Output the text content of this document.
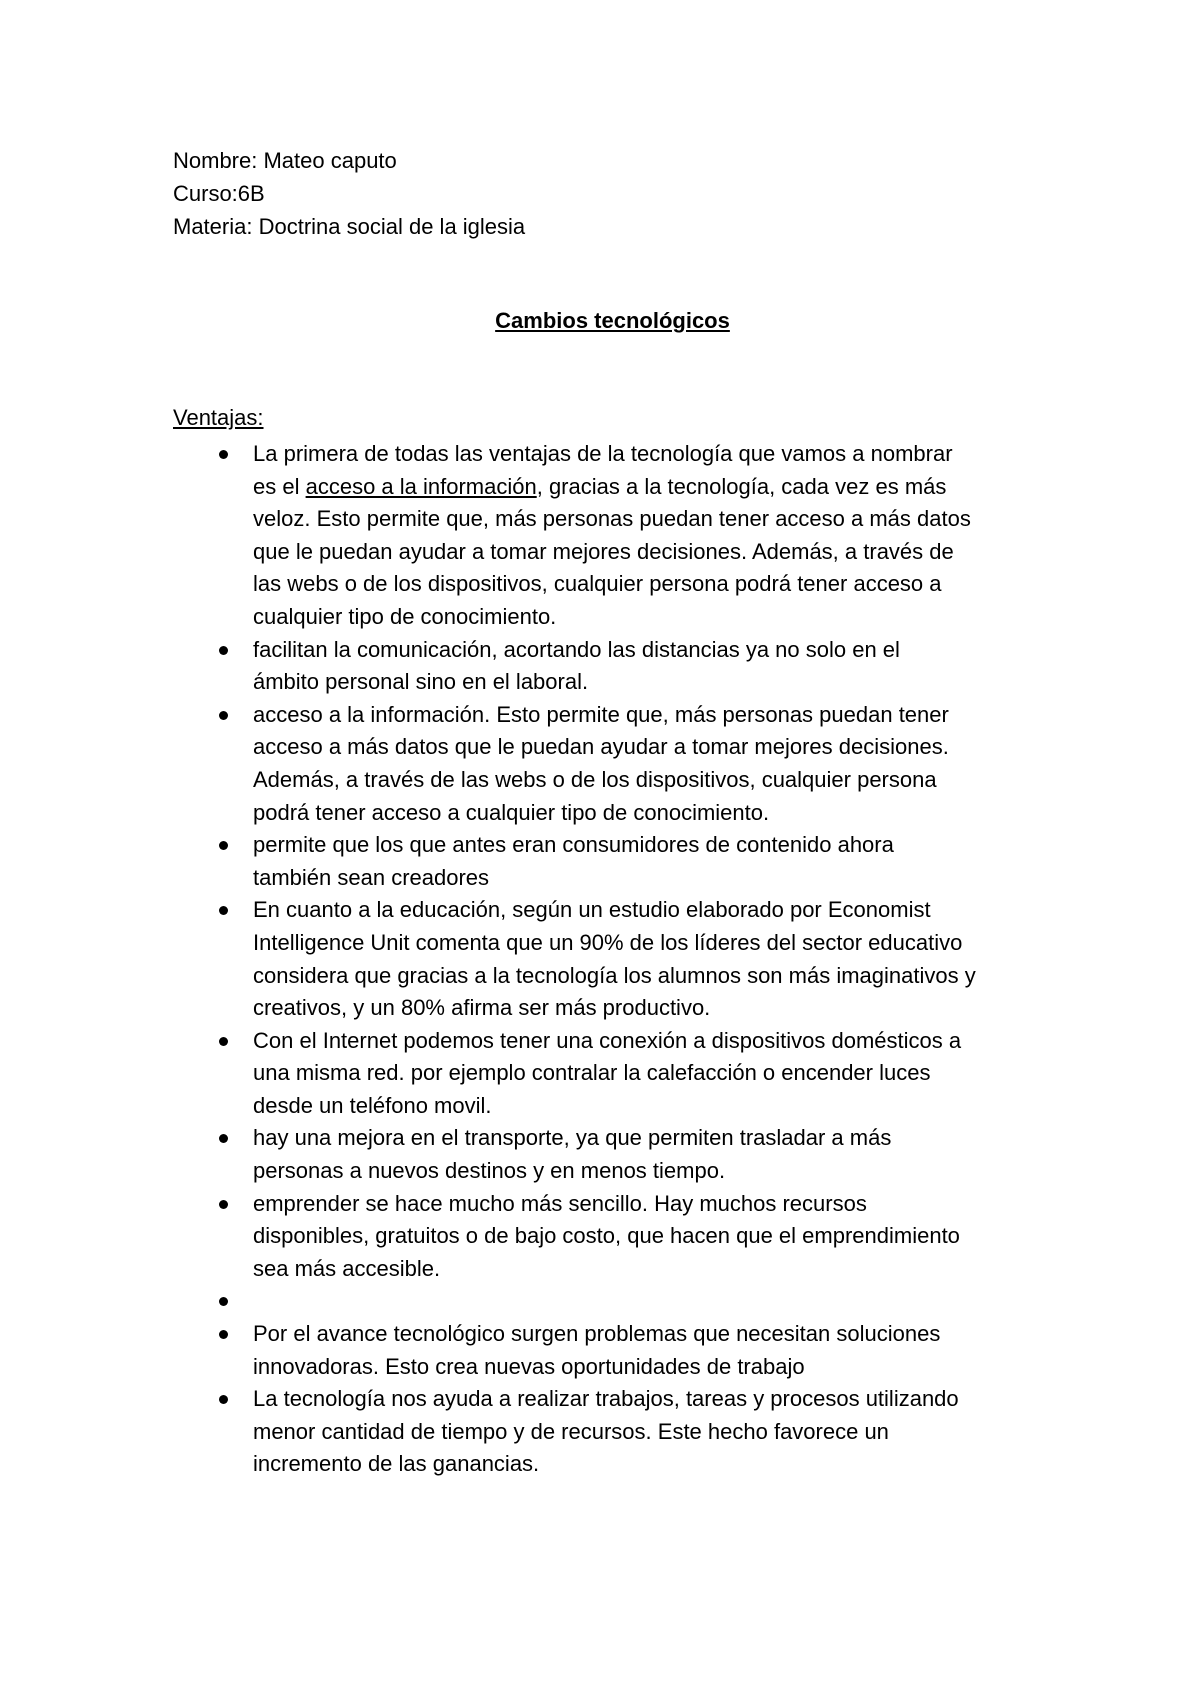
Nombre: Mateo caputo
Curso:6B
Materia: Doctrina social de la iglesia
Cambios tecnológicos
Ventajas:
La primera de todas las ventajas de la tecnología que vamos a nombrar
es el acceso a la información, gracias a la tecnología, cada vez es más
veloz. Esto permite que, más personas puedan tener acceso a más datos
que le puedan ayudar a tomar mejores decisiones. Además, a través de
las webs o de los dispositivos, cualquier persona podrá tener acceso a
cualquier tipo de conocimiento.
facilitan la comunicación, acortando las distancias ya no solo en el
ámbito personal sino en el laboral.
acceso a la información. Esto permite que, más personas puedan tener
acceso a más datos que le puedan ayudar a tomar mejores decisiones.
Además, a través de las webs o de los dispositivos, cualquier persona
podrá tener acceso a cualquier tipo de conocimiento.
permite que los que antes eran consumidores de contenido ahora
también sean creadores
En cuanto a la educación, según un estudio elaborado por Economist
Intelligence Unit comenta que un 90% de los líderes del sector educativo
considera que gracias a la tecnología los alumnos son más imaginativos y
creativos, y un 80% afirma ser más productivo.
Con el Internet podemos tener una conexión a dispositivos domésticos a
una misma red. por ejemplo contralar la calefacción o encender luces
desde un teléfono movil.
hay una mejora en el transporte, ya que permiten trasladar a más
personas a nuevos destinos y en menos tiempo.
emprender se hace mucho más sencillo. Hay muchos recursos
disponibles, gratuitos o de bajo costo, que hacen que el emprendimiento
sea más accesible.
Por el avance tecnológico surgen problemas que necesitan soluciones
innovadoras. Esto crea nuevas oportunidades de trabajo
La tecnología nos ayuda a realizar trabajos, tareas y procesos utilizando
menor cantidad de tiempo y de recursos. Este hecho favorece un
incremento de las ganancias.
